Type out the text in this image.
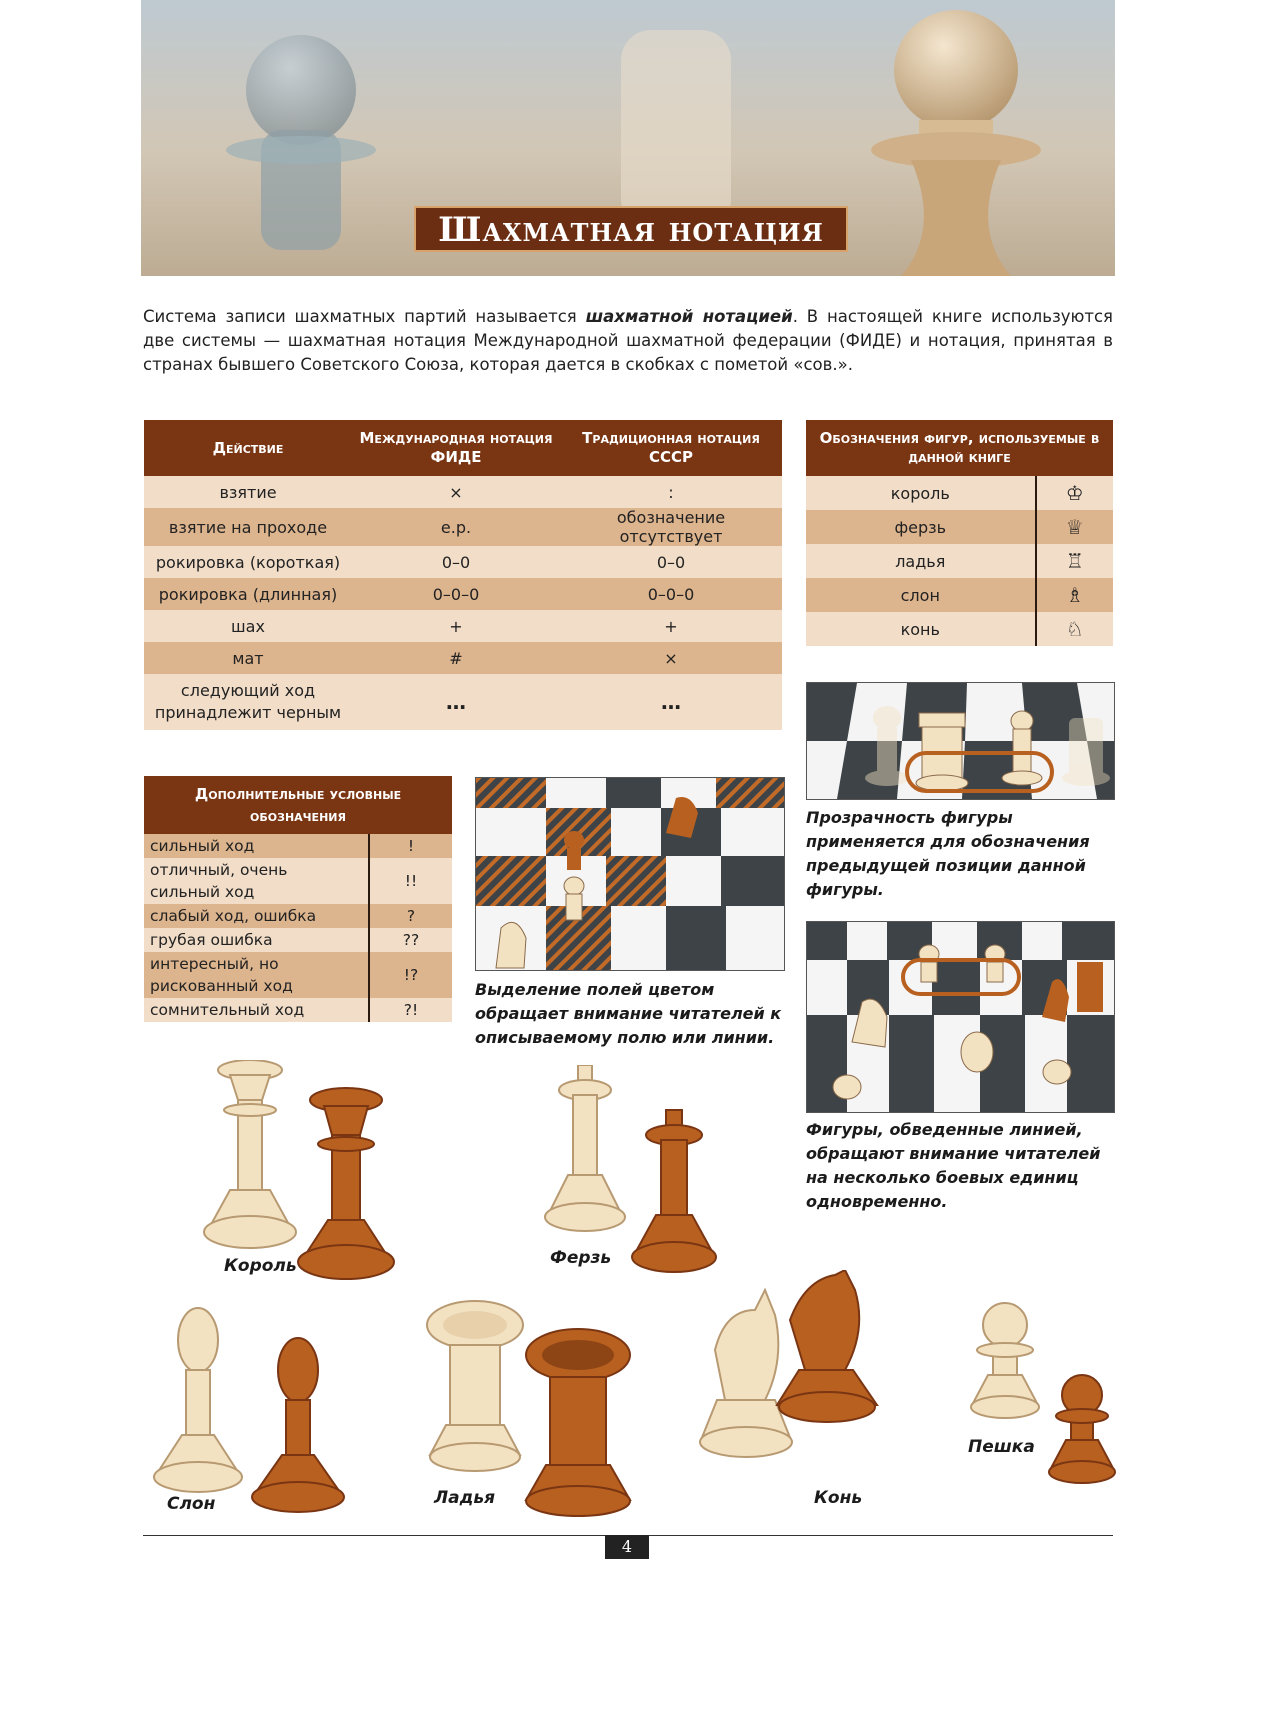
Шахматная нотация
Система записи шахматных партий называется шахматной нотацией. В настоящей книге используются две системы — шахматная нотация Международной шахматной федерации (ФИДЕ) и нотация, принятая в странах бывшего Советского Союза, которая дается в скобках с пометой «сов.».
Действие	Международная нотация ФИДЕ	Традиционная нотация СССР
взятие	×	:
взятие на проходе	e.p.	обозначение отсутствует
рокировка (короткая)	0–0	0–0
рокировка (длинная)	0–0–0	0–0–0
шах	+	+
мат	#	×
следующий ход принадлежит черным	…	…
Обозначения фигур, используемые в данной книге	
король	♔
ферзь	♕
ладья	♖
слон	♗
конь	♘
Дополнительные условные обозначения	
сильный ход	!
отличный, очень сильный ход	!!
слабый ход, ошибка	?
грубая ошибка	??
интересный, но рискованный ход	!?
сомнительный ход	?!
Прозрачность фигуры применяется для обозначения предыдущей позиции данной фигуры.
Выделение полей цветом обращает внимание читателей к описываемому полю или линии.
Фигуры, обведенные линией, обращают внимание читателей на несколько боевых единиц одновременно.
Король	Ферзь
Слон	Ладья	Конь
Пешка
4
